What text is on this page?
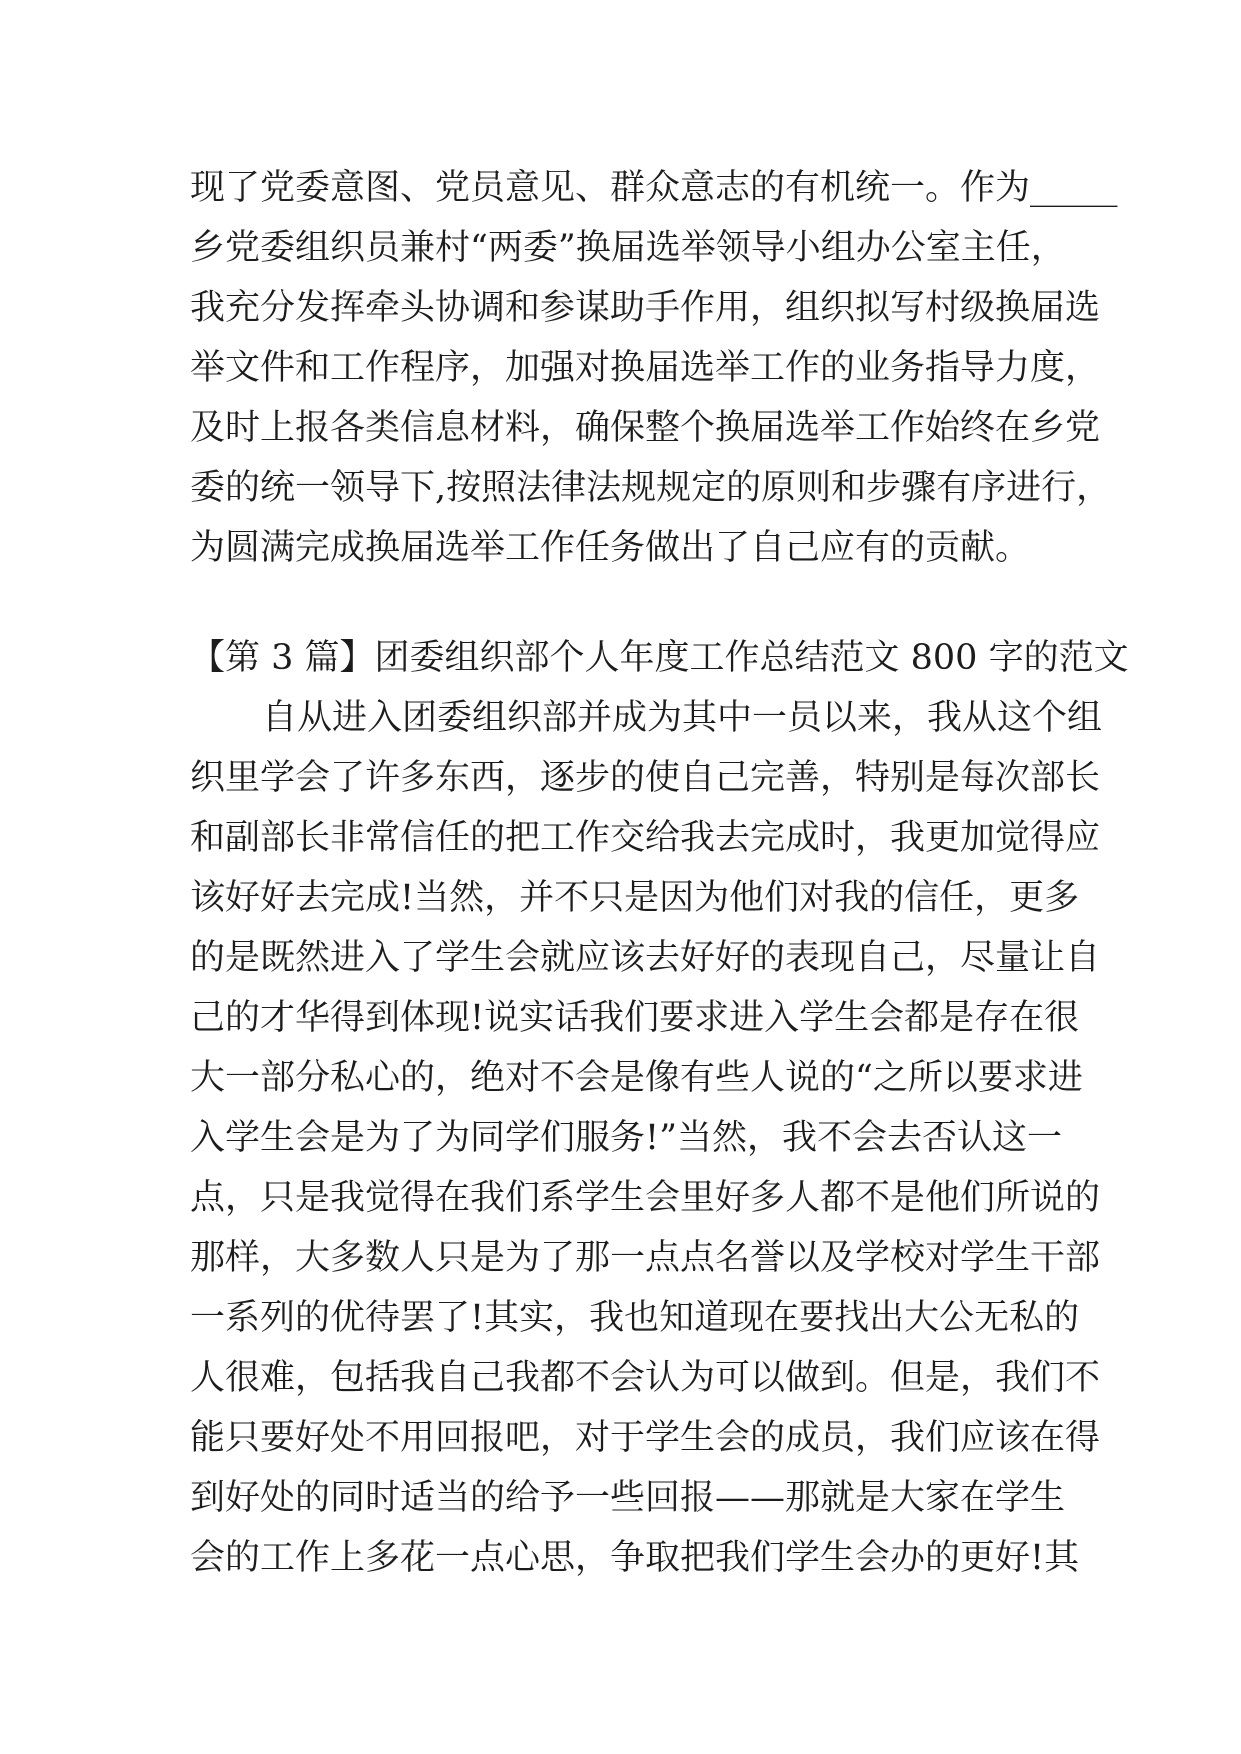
现了党委意图、党员意见、群众意志的有机统一。作为_____
乡党委组织员兼村“两委”换届选举领导小组办公室主任，
我充分发挥牵头协调和参谋助手作用，组织拟写村级换届选
举文件和工作程序，加强对换届选举工作的业务指导力度，
及时上报各类信息材料，确保整个换届选举工作始终在乡党
委的统一领导下,按照法律法规规定的原则和步骤有序进行，
为圆满完成换届选举工作任务做出了自己应有的贡献。
【第 3 篇】团委组织部个人年度工作总结范文 800 字的范文
自从进入团委组织部并成为其中一员以来，我从这个组
织里学会了许多东西，逐步的使自己完善，特别是每次部长
和副部长非常信任的把工作交给我去完成时，我更加觉得应
该好好去完成!当然，并不只是因为他们对我的信任，更多
的是既然进入了学生会就应该去好好的表现自己，尽量让自
己的才华得到体现!说实话我们要求进入学生会都是存在很
大一部分私心的，绝对不会是像有些人说的“之所以要求进
入学生会是为了为同学们服务!”当然，我不会去否认这一
点，只是我觉得在我们系学生会里好多人都不是他们所说的
那样，大多数人只是为了那一点点名誉以及学校对学生干部
一系列的优待罢了!其实，我也知道现在要找出大公无私的
人很难，包括我自己我都不会认为可以做到。但是，我们不
能只要好处不用回报吧，对于学生会的成员，我们应该在得
到好处的同时适当的给予一些回报——那就是大家在学生
会的工作上多花一点心思，争取把我们学生会办的更好!其
